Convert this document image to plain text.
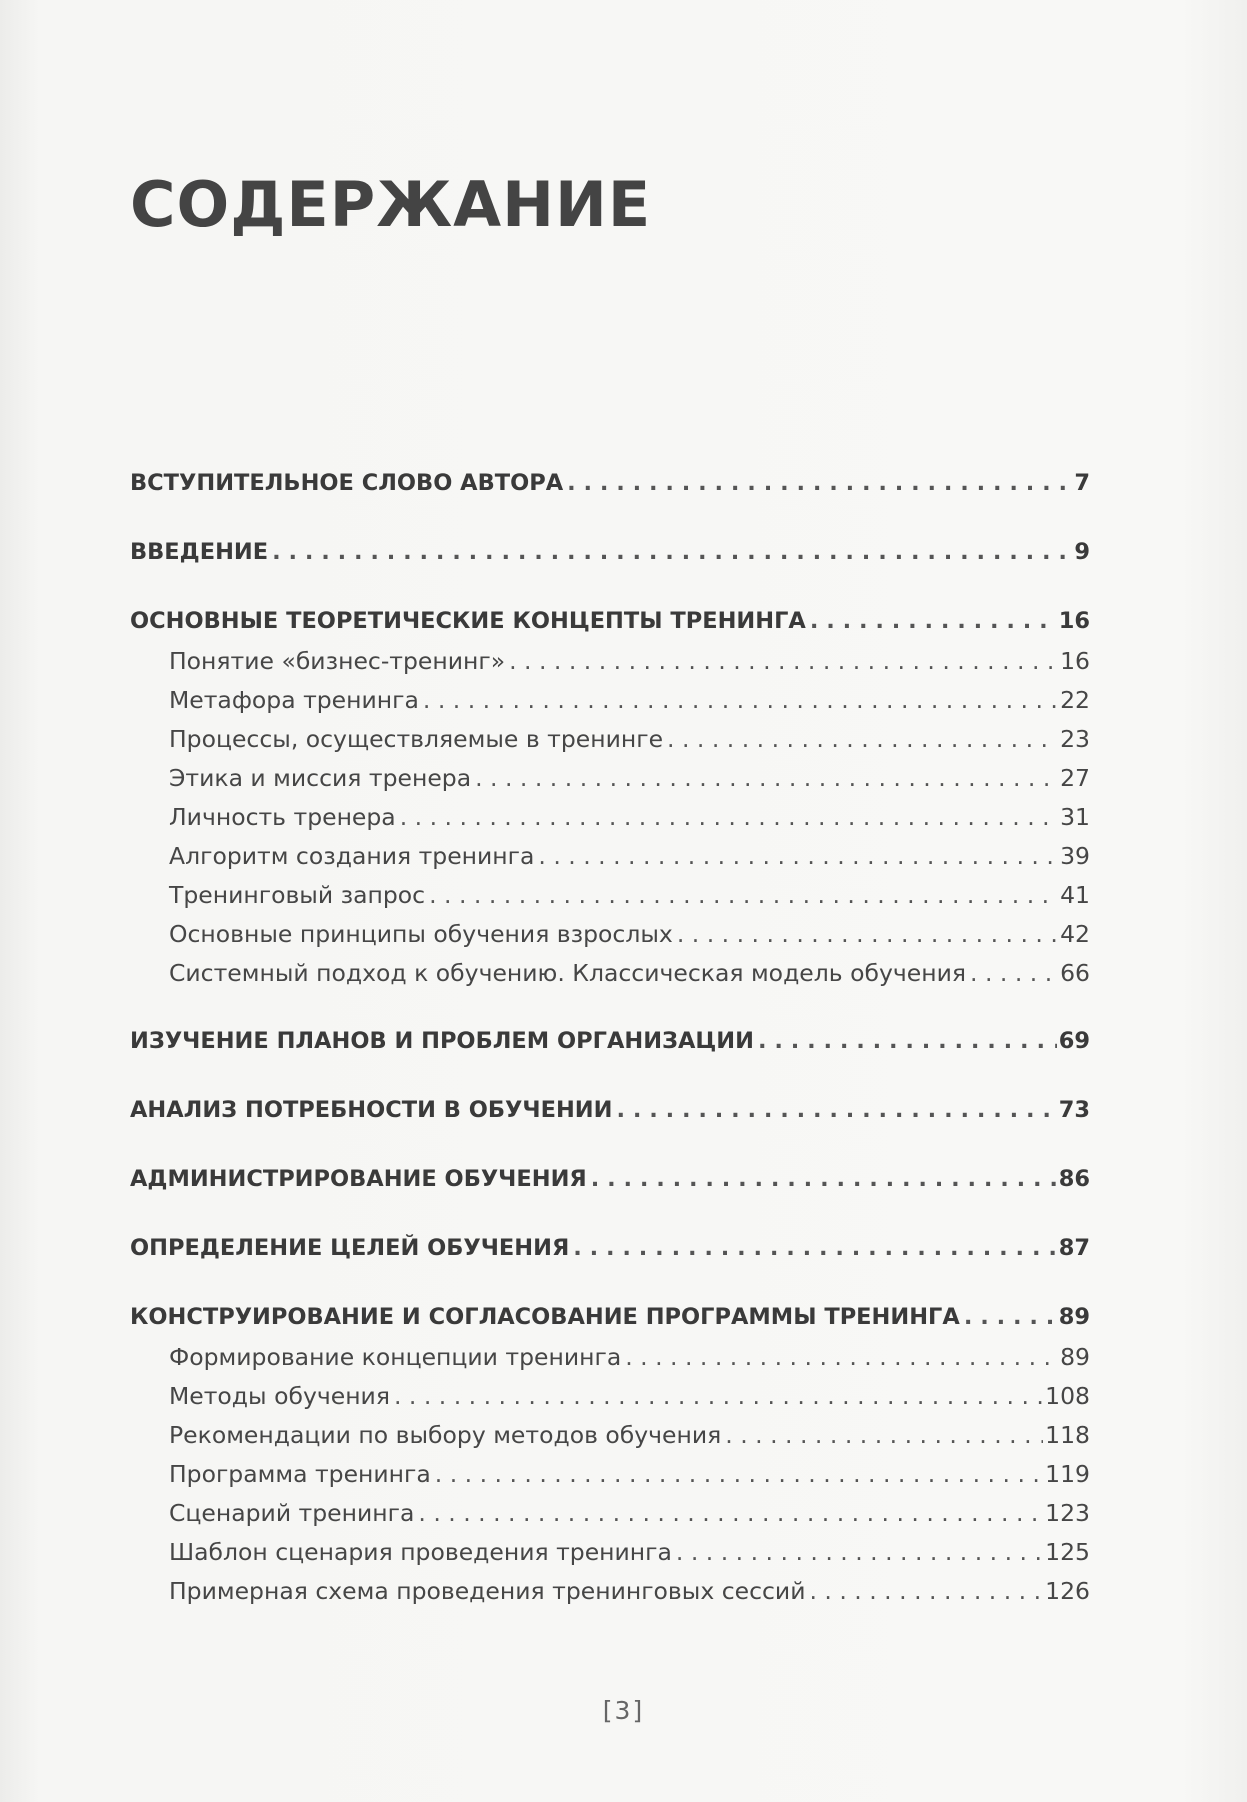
СОДЕРЖАНИЕ
ВСТУПИТЕЛЬНОЕ СЛОВО АВТОРА . . .	7
ВВЕДЕНИЕ . . .	9
ОСНОВНЫЕ ТЕОРЕТИЧЕСКИЕ КОНЦЕПТЫ ТРЕНИНГА . . .	16
Понятие «бизнес-тренинг» . . .	16
Метафора тренинга . . .	22
Процессы, осуществляемые в тренинге . . .	23
Этика и миссия тренера . . .	27
Личность тренера . . .	31
Алгоритм создания тренинга . . .	39
Тренинговый запрос . . .	41
Основные принципы обучения взрослых . . .	42
Системный подход к обучению. Классическая модель обучения . . .	66
ИЗУЧЕНИЕ ПЛАНОВ И ПРОБЛЕМ ОРГАНИЗАЦИИ . . .	69
АНАЛИЗ ПОТРЕБНОСТИ В ОБУЧЕНИИ . . .	73
АДМИНИСТРИРОВАНИЕ ОБУЧЕНИЯ . . .	86
ОПРЕДЕЛЕНИЕ ЦЕЛЕЙ ОБУЧЕНИЯ . . .	87
КОНСТРУИРОВАНИЕ И СОГЛАСОВАНИЕ ПРОГРАММЫ ТРЕНИНГА . . .	89
Формирование концепции тренинга . . .	89
Методы обучения . . .	108
Рекомендации по выбору методов обучения . . .	118
Программа тренинга . . .	119
Сценарий тренинга . . .	123
Шаблон сценария проведения тренинга . . .	125
Примерная схема проведения тренинговых сессий . . .	126
[3]
